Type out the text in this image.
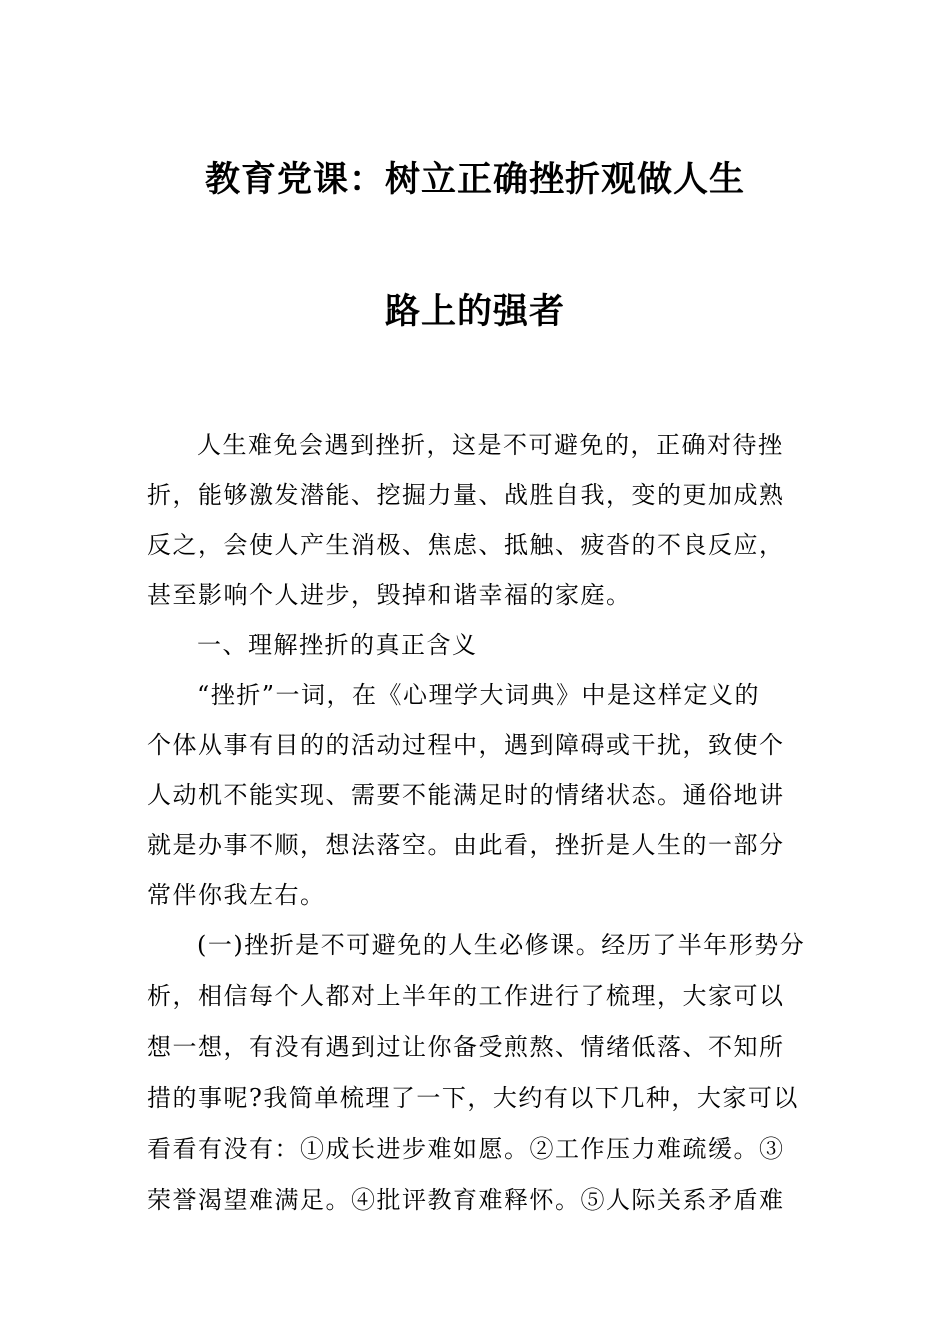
教育党课：树立正确挫折观做人生
路上的强者
人生难免会遇到挫折，这是不可避免的，正确对待挫
折，能够激发潜能、挖掘力量、战胜自我，变的更加成熟
反之，会使人产生消极、焦虑、抵触、疲沓的不良反应，
甚至影响个人进步，毁掉和谐幸福的家庭。
一、理解挫折的真正含义
“挫折”一词，在《心理学大词典》中是这样定义的
个体从事有目的的活动过程中，遇到障碍或干扰，致使个
人动机不能实现、需要不能满足时的情绪状态。通俗地讲
就是办事不顺，想法落空。由此看，挫折是人生的一部分
常伴你我左右。
(一)挫折是不可避免的人生必修课。经历了半年形势分
析，相信每个人都对上半年的工作进行了梳理，大家可以
想一想，有没有遇到过让你备受煎熬、情绪低落、不知所
措的事呢?我简单梳理了一下，大约有以下几种，大家可以
看看有没有：①成长进步难如愿。②工作压力难疏缓。③
荣誉渴望难满足。④批评教育难释怀。⑤人际关系矛盾难
